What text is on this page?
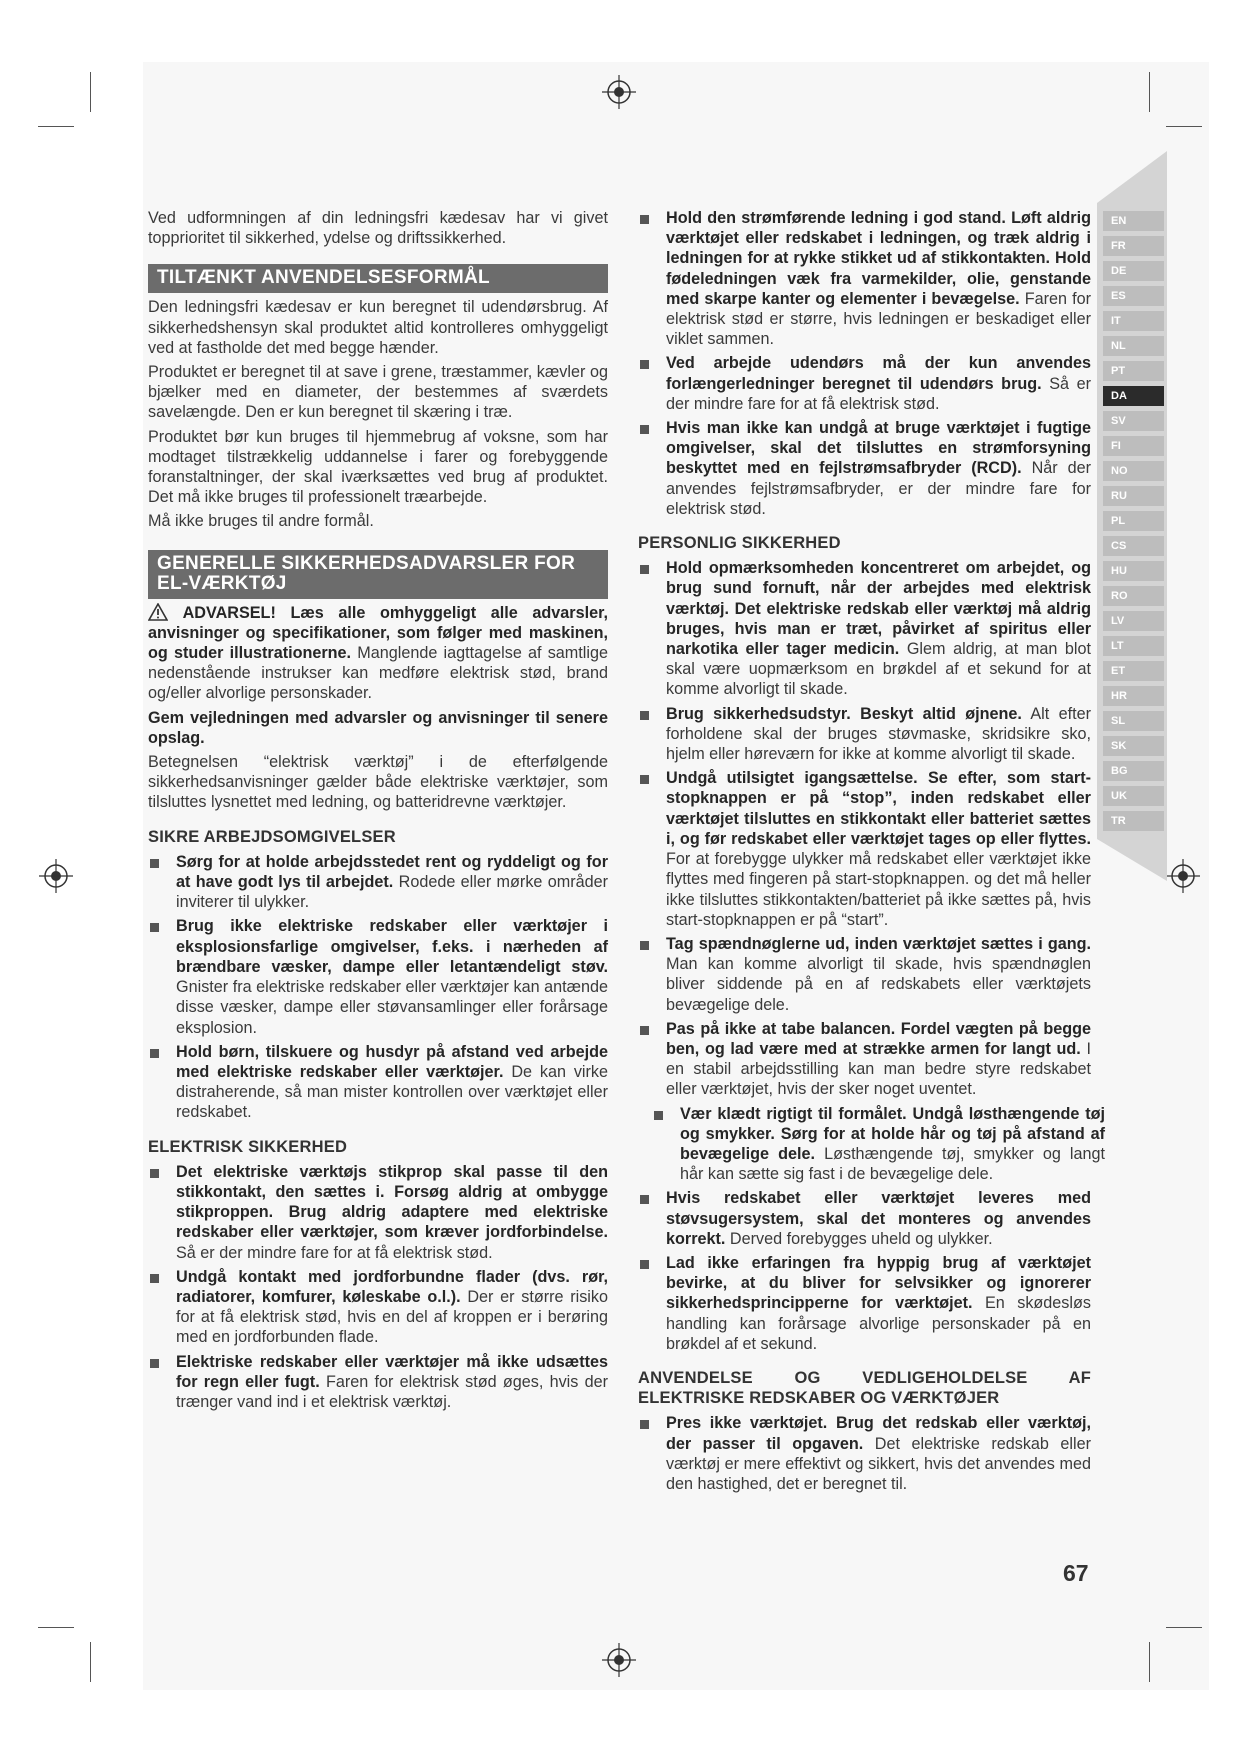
EN
FR
DE
ES
IT
NL
PT
DA
SV
FI
NO
RU
PL
CS
HU
RO
LV
LT
ET
HR
SL
SK
BG
UK
TR

Ved udformningen af din ledningsfri kædesav har vi givet topprioritet til sikkerhed, ydelse og driftssikkerhed.

TILTÆNKT ANVENDELSESFORMÅL

Den ledningsfri kædesav er kun beregnet til udendørsbrug. Af sikkerhedshensyn skal produktet altid kontrolleres omhyggeligt ved at fastholde det med begge hænder.

Produktet er beregnet til at save i grene, træstammer, kævler og bjælker med en diameter, der bestemmes af sværdets savelængde. Den er kun beregnet til skæring i træ.

Produktet bør kun bruges til hjemmebrug af voksne, som har modtaget tilstrækkelig uddannelse i farer og forebyggende foranstaltninger, der skal iværksættes ved brug af produktet. Det må ikke bruges til professionelt træarbejde.

Må ikke bruges til andre formål.

GENERELLE SIKKERHEDSADVARSLER FOR EL-VÆRKTØJ

ADVARSEL! Læs alle omhyggeligt alle advarsler, anvisninger og specifikationer, som følger med maskinen, og studer illustrationerne. Manglende iagttagelse af samtlige nedenstående instrukser kan medføre elektrisk stød, brand og/eller alvorlige personskader.

Gem vejledningen med advarsler og anvisninger til senere opslag.

Betegnelsen “elektrisk værktøj” i de efterfølgende sikkerhedsanvisninger gælder både elektriske værktøjer, som tilsluttes lysnettet med ledning, og batteridrevne værktøjer.

SIKRE ARBEJDSOMGIVELSER
Sørg for at holde arbejdsstedet rent og ryddeligt og for at have godt lys til arbejdet. Rodede eller mørke områder inviterer til ulykker.
Brug ikke elektriske redskaber eller værktøjer i eksplosionsfarlige omgivelser, f.eks. i nærheden af brændbare væsker, dampe eller letantændeligt støv. Gnister fra elektriske redskaber eller værktøjer kan antænde disse væsker, dampe eller støvansamlinger eller forårsage eksplosion.
Hold børn, tilskuere og husdyr på afstand ved arbejde med elektriske redskaber eller værktøjer. De kan virke distraherende, så man mister kontrollen over værktøjet eller redskabet.
ELEKTRISK SIKKERHED
Det elektriske værktøjs stikprop skal passe til den stikkontakt, den sættes i. Forsøg aldrig at ombygge stikproppen. Brug aldrig adaptere med elektriske redskaber eller værktøjer, som kræver jordforbindelse. Så er der mindre fare for at få elektrisk stød.
Undgå kontakt med jordforbundne flader (dvs. rør, radiatorer, komfurer, køleskabe o.l.). Der er større risiko for at få elektrisk stød, hvis en del af kroppen er i berøring med en jordforbunden flade.
Elektriske redskaber eller værktøjer må ikke udsættes for regn eller fugt. Faren for elektrisk stød øges, hvis der trænger vand ind i et elektrisk værktøj.
Hold den strømførende ledning i god stand. Løft aldrig værktøjet eller redskabet i ledningen, og træk aldrig i ledningen for at rykke stikket ud af stikkontakten. Hold fødeledningen væk fra varmekilder, olie, genstande med skarpe kanter og elementer i bevægelse. Faren for elektrisk stød er større, hvis ledningen er beskadiget eller viklet sammen.
Ved arbejde udendørs må der kun anvendes forlængerledninger beregnet til udendørs brug. Så er der mindre fare for at få elektrisk stød.
Hvis man ikke kan undgå at bruge værktøjet i fugtige omgivelser, skal det tilsluttes en strømforsyning beskyttet med en fejlstrømsafbryder (RCD). Når der anvendes fejlstrømsafbryder, er der mindre fare for elektrisk stød.
PERSONLIG SIKKERHED
Hold opmærksomheden koncentreret om arbejdet, og brug sund fornuft, når der arbejdes med elektrisk værktøj. Det elektriske redskab eller værktøj må aldrig bruges, hvis man er træt, påvirket af spiritus eller narkotika eller tager medicin. Glem aldrig, at man blot skal være uopmærksom en brøkdel af et sekund for at komme alvorligt til skade.
Brug sikkerhedsudstyr. Beskyt altid øjnene. Alt efter forholdene skal der bruges støvmaske, skridsikre sko, hjelm eller høreværn for ikke at komme alvorligt til skade.
Undgå utilsigtet igangsættelse. Se efter, som start-stopknappen er på “stop”, inden redskabet eller værktøjet tilsluttes en stikkontakt eller batteriet sættes i, og før redskabet eller værktøjet tages op eller flyttes. For at forebygge ulykker må redskabet eller værktøjet ikke flyttes med fingeren på start-stopknappen. og det må heller ikke tilsluttes stikkontakten/batteriet på ikke sættes på, hvis start-stopknappen er på “start”.
Tag spændnøglerne ud, inden værktøjet sættes i gang. Man kan komme alvorligt til skade, hvis spændnøglen bliver siddende på en af redskabets eller værktøjets bevægelige dele.
Pas på ikke at tabe balancen. Fordel vægten på begge ben, og lad være med at strække armen for langt ud. I en stabil arbejdsstilling kan man bedre styre redskabet eller værktøjet, hvis der sker noget uventet.
Vær klædt rigtigt til formålet. Undgå løsthængende tøj og smykker. Sørg for at holde hår og tøj på afstand af bevægelige dele. Løsthængende tøj, smykker og langt hår kan sætte sig fast i de bevægelige dele.
Hvis redskabet eller værktøjet leveres med støvsugersystem, skal det monteres og anvendes korrekt. Derved forebygges uheld og ulykker.
Lad ikke erfaringen fra hyppig brug af værktøjet bevirke, at du bliver for selvsikker og ignorerer sikkerhedsprincipperne for værktøjet. En skødesløs handling kan forårsage alvorlige personskader på en brøkdel af et sekund.
ANVENDELSE OG VEDLIGEHOLDELSE AF ELEKTRISKE REDSKABER OG VÆRKTØJER
Pres ikke værktøjet. Brug det redskab eller værktøj, der passer til opgaven. Det elektriske redskab eller værktøj er mere effektivt og sikkert, hvis det anvendes med den hastighed, det er beregnet til.
67
